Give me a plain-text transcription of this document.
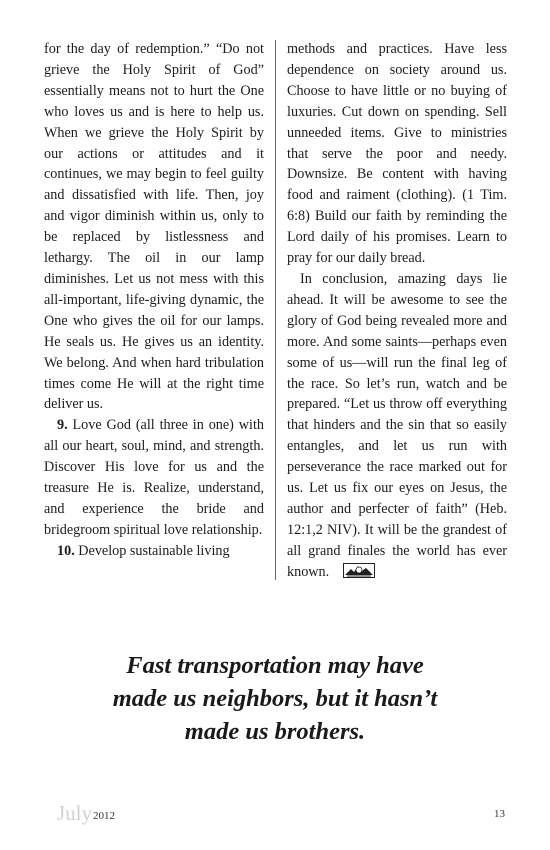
for the day of redemption.” “Do not grieve the Holy Spirit of God” essentially means not to hurt the One who loves us and is here to help us. When we grieve the Holy Spirit by our actions or attitudes and it continues, we may begin to feel guilty and dissatisfied with life. Then, joy and vigor diminish within us, only to be replaced by listlessness and lethargy. The oil in our lamp diminishes. Let us not mess with this all-important, life-giving dynamic, the One who gives the oil for our lamps. He seals us. He gives us an identity. We belong. And when hard tribulation times come He will at the right time deliver us.

9. Love God (all three in one) with all our heart, soul, mind, and strength. Discover His love for us and the treasure He is. Realize, understand, and experience the bride and bridegroom spiritual love relationship.

10. Develop sustainable living

methods and practices. Have less dependence on society around us. Choose to have little or no buying of luxuries. Cut down on spending. Sell unneeded items. Give to ministries that serve the poor and needy. Downsize. Be content with having food and raiment (clothing). (1 Tim. 6:8) Build our faith by reminding the Lord daily of his promises. Learn to pray for our daily bread.

In conclusion, amazing days lie ahead. It will be awesome to see the glory of God being revealed more and more. And some saints—perhaps even some of us—will run the final leg of the race. So let’s run, watch and be prepared. “Let us throw off everything that hinders and the sin that so easily entangles, and let us run with perseverance the race marked out for us. Let us fix our eyes on Jesus, the author and perfecter of faith” (Heb. 12:1,2 NIV). It will be the grandest of all grand finales the world has ever known.

Fast transportation may have
made us neighbors, but it hasn’t
made us brothers.
July 2012	13
